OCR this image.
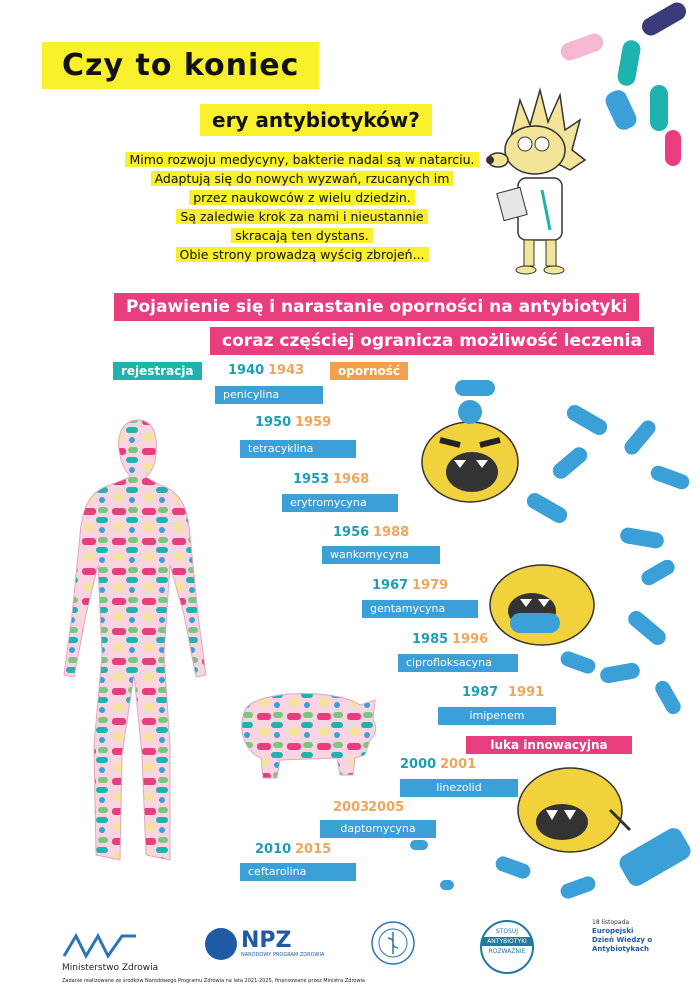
Czy to koniec
ery antybiotyków?

Mimo rozwoju medycyny, bakterie nadal są w natarciu.

Adaptują się do nowych wyzwań, rzucanych im

przez naukowców z wielu dziedzin.

Są zaledwie krok za nami i nieustannie

skracają ten dystans.

Obie strony prowadzą wyścig zbrojeń...

Pojawienie się i narastanie oporności na antybiotyki
coraz częściej ogranicza możliwość leczenia
rejestracja	oporność
1940 1943
penicylina
1950 1959
tetracyklina
1953 1968
erytromycyna
1956 1988
wankomycyna
1967 1979
gentamycyna
1985 1996
ciprofloksacyna
1987 1991
imipenem
luka innowacyjna
2000 2001
linezolid
2003
2005
daptomycyna
2010 2015
ceftarolina
Ministerstwo Zdrowia
NPZ
NARODOWY PROGRAM ZDROWIA
STOSUJ
ANTYBIOTYKI
ROZWAŻNIE
18 listopada
Europejski
Dzień Wiedzy o
Antybiotykach
Zadanie realizowane ze środków Narodowego Programu Zdrowia na lata 2021-2025, finansowane przez Ministra Zdrowia
